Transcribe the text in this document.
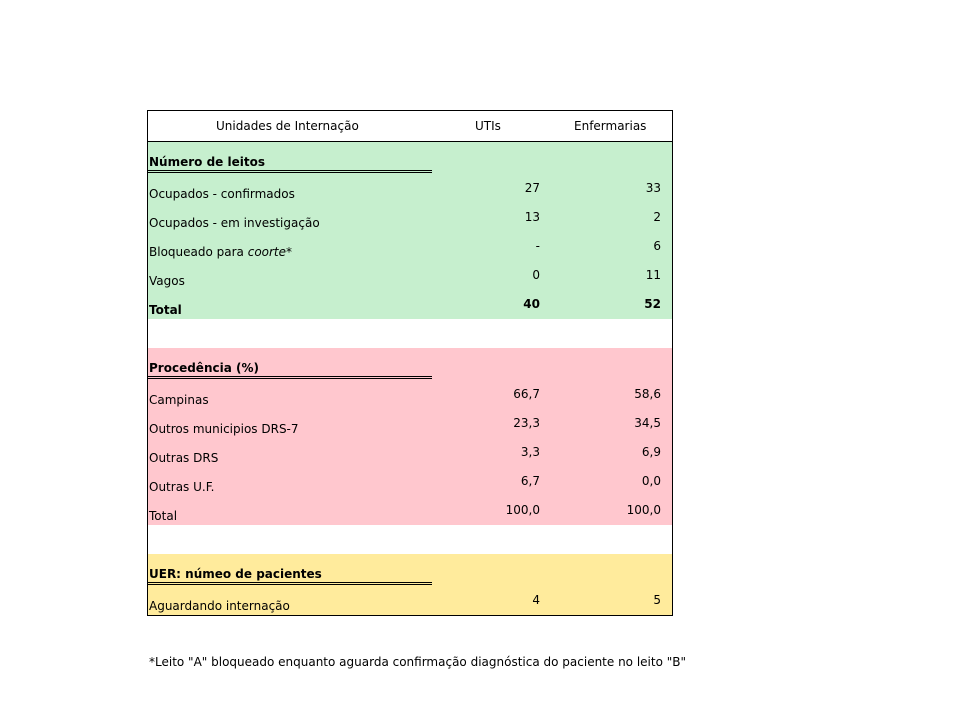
Unidades de Internação	UTIs	Enfermarias
Número de leitos
Ocupados - confirmados	27	33
Ocupados - em investigação	13	2
Bloqueado para coorte*	-	6
Vagos	0	11
Total	40	52
Procedência (%)
Campinas	66,7	58,6
Outros municipios DRS-7	23,3	34,5
Outras DRS	3,3	6,9
Outras U.F.	6,7	0,0
Total	100,0	100,0
UER: númeo de pacientes
Aguardando internação	4	5
*Leito "A" bloqueado enquanto aguarda confirmação diagnóstica do paciente no leito "B"
